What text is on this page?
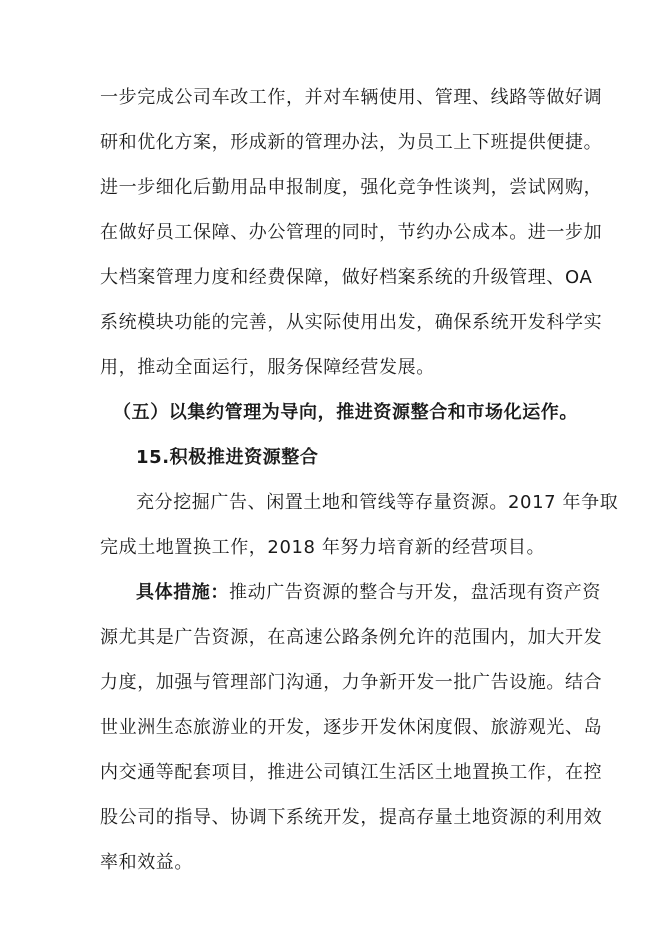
一步完成公司车改工作，并对车辆使用、管理、线路等做好调
研和优化方案，形成新的管理办法，为员工上下班提供便捷。
进一步细化后勤用品申报制度，强化竞争性谈判，尝试网购，
在做好员工保障、办公管理的同时，节约办公成本。进一步加
大档案管理力度和经费保障，做好档案系统的升级管理、OA
系统模块功能的完善，从实际使用出发，确保系统开发科学实
用，推动全面运行，服务保障经营发展。
（五）以集约管理为导向，推进资源整合和市场化运作。
15.积极推进资源整合
充分挖掘广告、闲置土地和管线等存量资源。2017 年争取
完成土地置换工作，2018 年努力培育新的经营项目。
具体措施：推动广告资源的整合与开发，盘活现有资产资
源尤其是广告资源，在高速公路条例允许的范围内，加大开发
力度，加强与管理部门沟通，力争新开发一批广告设施。结合
世业洲生态旅游业的开发，逐步开发休闲度假、旅游观光、岛
内交通等配套项目，推进公司镇江生活区土地置换工作，在控
股公司的指导、协调下系统开发，提高存量土地资源的利用效
率和效益。
